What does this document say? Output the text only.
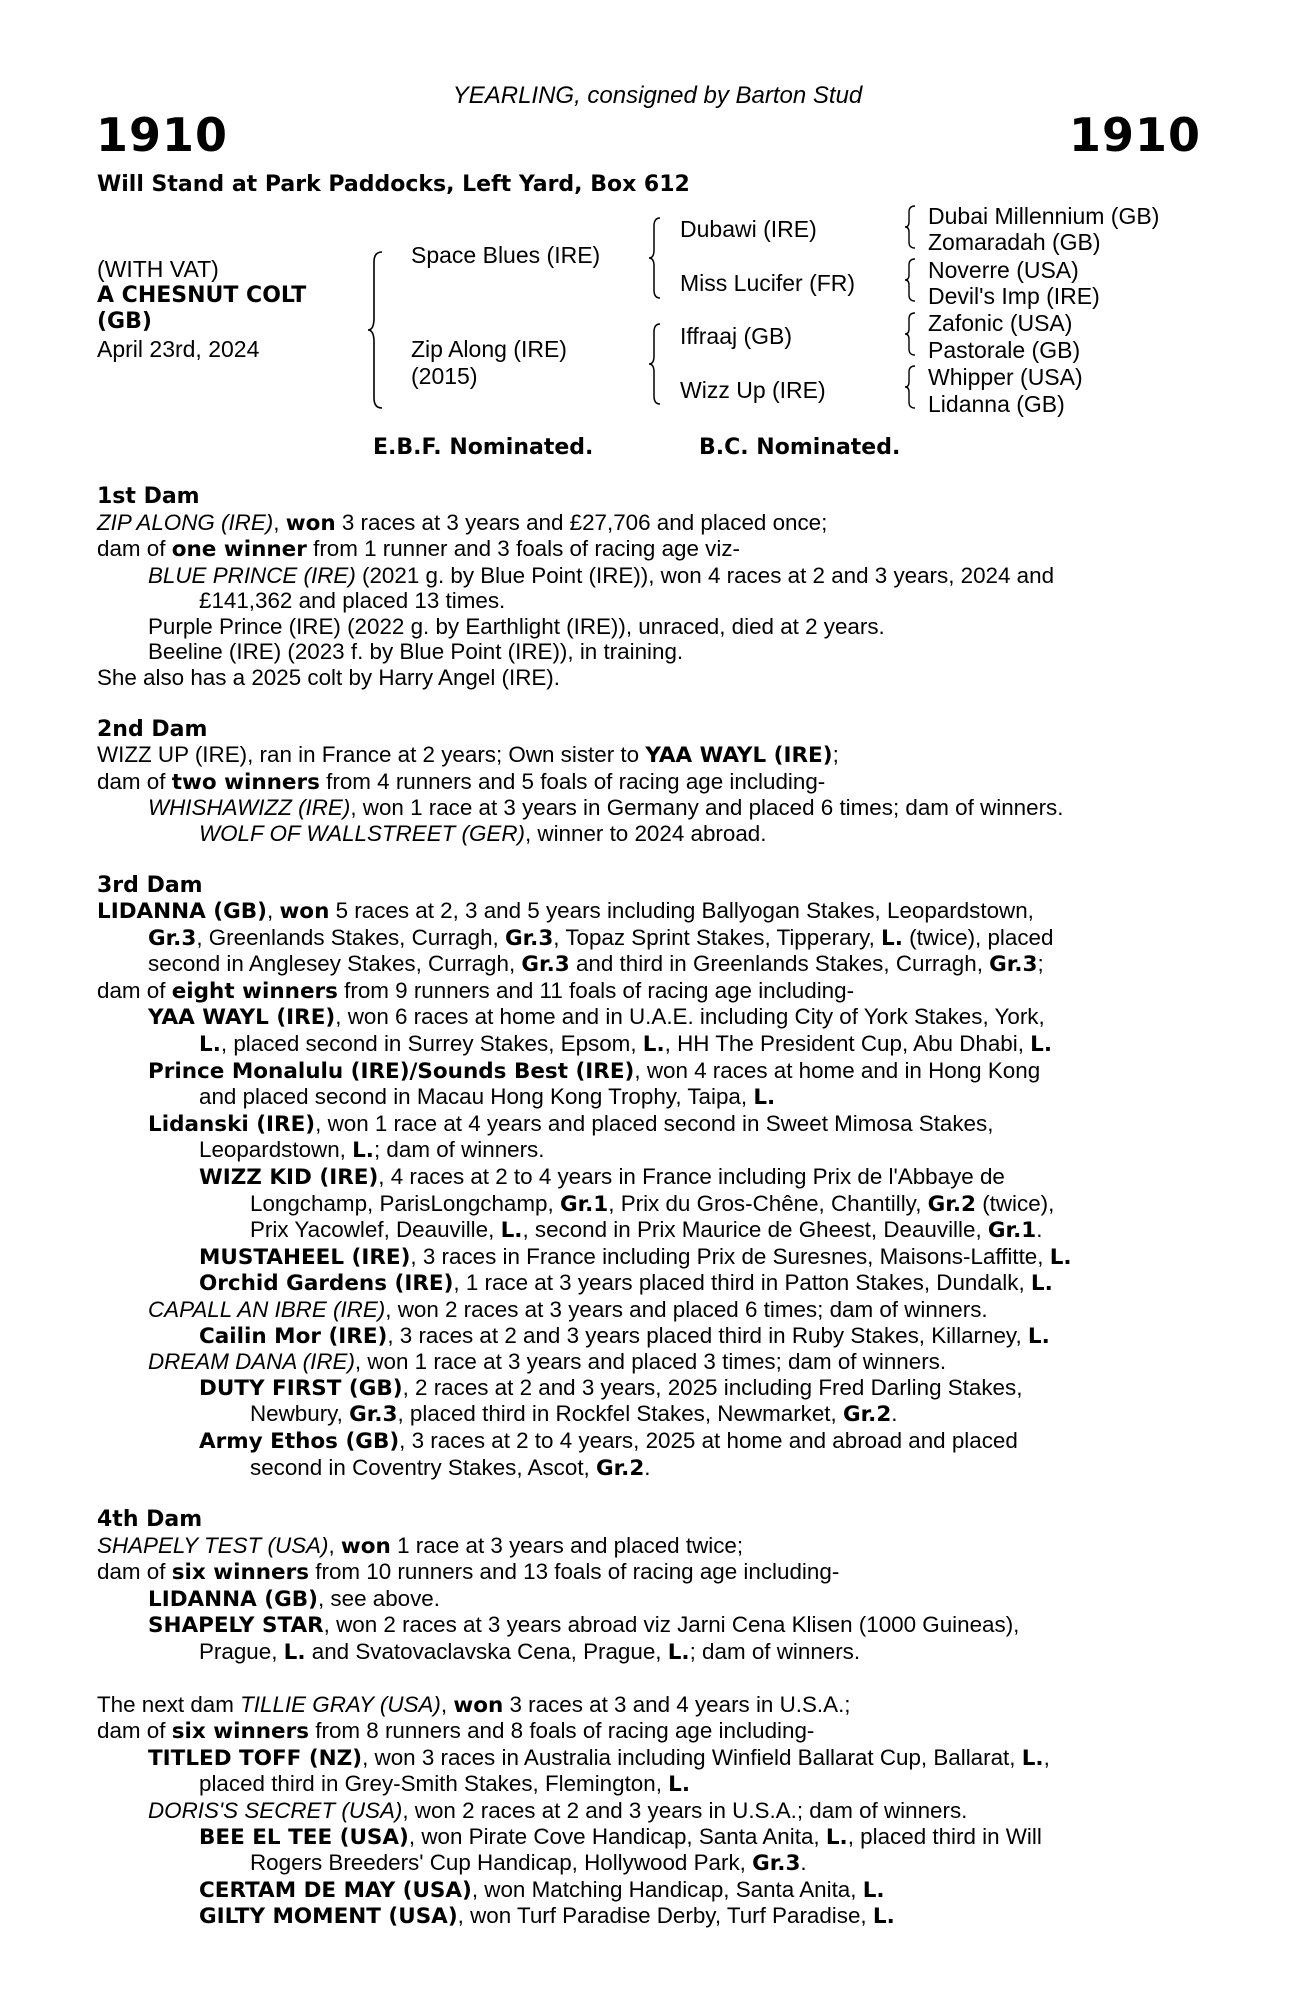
1910	1910
YEARLING, consigned by Barton Stud
Will Stand at Park Paddocks, Left Yard, Box 612
(WITH VAT)
A CHESNUT COLT
(GB)
April 23rd, 2024
Space Blues (IRE)
Zip Along (IRE)
(2015)
Dubawi (IRE)
Miss Lucifer (FR)
Iffraaj (GB)
Wizz Up (IRE)
Dubai Millennium (GB)
Zomaradah (GB)
Noverre (USA)
Devil's Imp (IRE)
Zafonic (USA)
Pastorale (GB)
Whipper (USA)
Lidanna (GB)
E.B.F. Nominated.	B.C. Nominated.

1st Dam

ZIP ALONG (IRE), won 3 races at 3 years and £27,706 and placed once;

dam of one winner from 1 runner and 3 foals of racing age viz-

BLUE PRINCE (IRE) (2021 g. by Blue Point (IRE)), won 4 races at 2 and 3 years, 2024 and

£141,362 and placed 13 times.

Purple Prince (IRE) (2022 g. by Earthlight (IRE)), unraced, died at 2 years.

Beeline (IRE) (2023 f. by Blue Point (IRE)), in training.

She also has a 2025 colt by Harry Angel (IRE).

2nd Dam

WIZZ UP (IRE), ran in France at 2 years; Own sister to YAA WAYL (IRE);

dam of two winners from 4 runners and 5 foals of racing age including-

WHISHAWIZZ (IRE), won 1 race at 3 years in Germany and placed 6 times; dam of winners.

WOLF OF WALLSTREET (GER), winner to 2024 abroad.

3rd Dam

LIDANNA (GB), won 5 races at 2, 3 and 5 years including Ballyogan Stakes, Leopardstown,

Gr.3, Greenlands Stakes, Curragh, Gr.3, Topaz Sprint Stakes, Tipperary, L. (twice), placed

second in Anglesey Stakes, Curragh, Gr.3 and third in Greenlands Stakes, Curragh, Gr.3;

dam of eight winners from 9 runners and 11 foals of racing age including-

YAA WAYL (IRE), won 6 races at home and in U.A.E. including City of York Stakes, York,

L., placed second in Surrey Stakes, Epsom, L., HH The President Cup, Abu Dhabi, L.

Prince Monalulu (IRE)/Sounds Best (IRE), won 4 races at home and in Hong Kong

and placed second in Macau Hong Kong Trophy, Taipa, L.

Lidanski (IRE), won 1 race at 4 years and placed second in Sweet Mimosa Stakes,

Leopardstown, L.; dam of winners.

WIZZ KID (IRE), 4 races at 2 to 4 years in France including Prix de l'Abbaye de

Longchamp, ParisLongchamp, Gr.1, Prix du Gros-Chêne, Chantilly, Gr.2 (twice),

Prix Yacowlef, Deauville, L., second in Prix Maurice de Gheest, Deauville, Gr.1.

MUSTAHEEL (IRE), 3 races in France including Prix de Suresnes, Maisons-Laffitte, L.

Orchid Gardens (IRE), 1 race at 3 years placed third in Patton Stakes, Dundalk, L.

CAPALL AN IBRE (IRE), won 2 races at 3 years and placed 6 times; dam of winners.

Cailin Mor (IRE), 3 races at 2 and 3 years placed third in Ruby Stakes, Killarney, L.

DREAM DANA (IRE), won 1 race at 3 years and placed 3 times; dam of winners.

DUTY FIRST (GB), 2 races at 2 and 3 years, 2025 including Fred Darling Stakes,

Newbury, Gr.3, placed third in Rockfel Stakes, Newmarket, Gr.2.

Army Ethos (GB), 3 races at 2 to 4 years, 2025 at home and abroad and placed

second in Coventry Stakes, Ascot, Gr.2.

4th Dam

SHAPELY TEST (USA), won 1 race at 3 years and placed twice;

dam of six winners from 10 runners and 13 foals of racing age including-

LIDANNA (GB), see above.

SHAPELY STAR, won 2 races at 3 years abroad viz Jarni Cena Klisen (1000 Guineas),

Prague, L. and Svatovaclavska Cena, Prague, L.; dam of winners.

The next dam TILLIE GRAY (USA), won 3 races at 3 and 4 years in U.S.A.;

dam of six winners from 8 runners and 8 foals of racing age including-

TITLED TOFF (NZ), won 3 races in Australia including Winfield Ballarat Cup, Ballarat, L.,

placed third in Grey-Smith Stakes, Flemington, L.

DORIS'S SECRET (USA), won 2 races at 2 and 3 years in U.S.A.; dam of winners.

BEE EL TEE (USA), won Pirate Cove Handicap, Santa Anita, L., placed third in Will

Rogers Breeders' Cup Handicap, Hollywood Park, Gr.3.

CERTAM DE MAY (USA), won Matching Handicap, Santa Anita, L.

GILTY MOMENT (USA), won Turf Paradise Derby, Turf Paradise, L.
